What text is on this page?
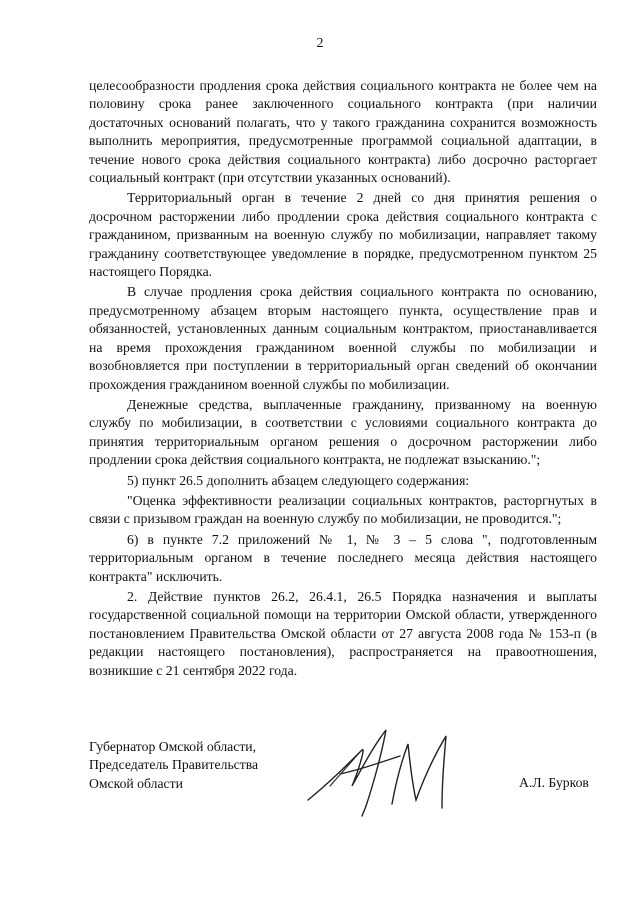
2

целесообразности продления срока действия социального контракта не более чем на половину срока ранее заключенного социального контракта (при наличии достаточных оснований полагать, что у такого гражданина сохранится возможность выполнить мероприятия, предусмотренные программой социальной адаптации, в течение нового срока действия социального контракта) либо досрочно расторгает социальный контракт (при отсутствии указанных оснований).

Территориальный орган в течение 2 дней со дня принятия решения о досрочном расторжении либо продлении срока действия социального контракта с гражданином, призванным на военную службу по мобилизации, направляет такому гражданину соответствующее уведомление в порядке, предусмотренном пунктом 25 настоящего Порядка.

В случае продления срока действия социального контракта по основанию, предусмотренному абзацем вторым настоящего пункта, осуществление прав и обязанностей, установленных данным социальным контрактом, приостанавливается на время прохождения гражданином военной службы по мобилизации и возобновляется при поступлении в территориальный орган сведений об окончании прохождения гражданином военной службы по мобилизации.

Денежные средства, выплаченные гражданину, призванному на военную службу по мобилизации, в соответствии с условиями социального контракта до принятия территориальным органом решения о досрочном расторжении либо продлении срока действия социального контракта, не подлежат взысканию.";

5) пункт 26.5 дополнить абзацем следующего содержания:

"Оценка эффективности реализации социальных контрактов, расторгнутых в связи с призывом граждан на военную службу по мобилизации, не проводится.";

6) в пункте 7.2 приложений № 1, № 3 – 5 слова ", подготовленным территориальным органом в течение последнего месяца действия настоящего контракта" исключить.

2. Действие пунктов 26.2, 26.4.1, 26.5 Порядка назначения и выплаты государственной социальной помощи на территории Омской области, утвержденного постановлением Правительства Омской области от 27 августа 2008 года № 153-п (в редакции настоящего постановления), распространяется на правоотношения, возникшие с 21 сентября 2022 года.

Губернатор Омской области,
Председатель Правительства
Омской области	А.Л. Бурков
